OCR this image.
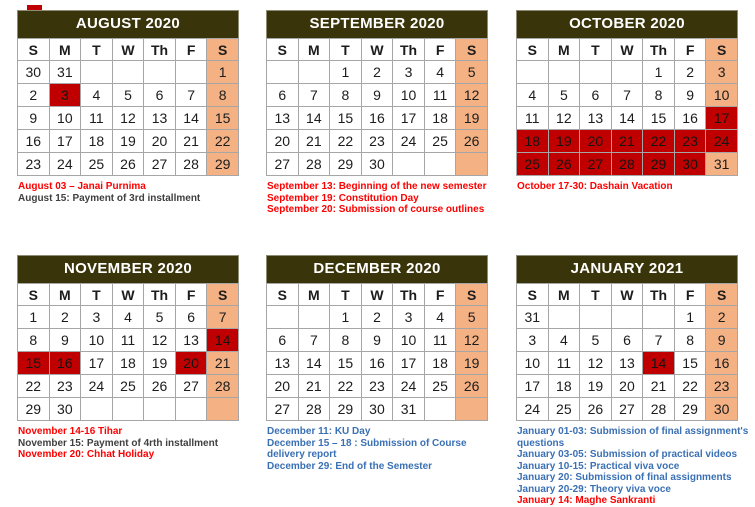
AUGUST 2020
S	M	T	W	Th	F	S
30	31					1
2	3	4	5	6	7	8
9	10	11	12	13	14	15
16	17	18	19	20	21	22
23	24	25	26	27	28	29
August 03 – Janai Purnima
August 15: Payment of 3rd installment
SEPTEMBER 2020
S	M	T	W	Th	F	S
		1	2	3	4	5
6	7	8	9	10	11	12
13	14	15	16	17	18	19
20	21	22	23	24	25	26
27	28	29	30			
September 13: Beginning of the new semester
September 19: Constitution Day
September 20: Submission of course outlines
OCTOBER 2020
S	M	T	W	Th	F	S
				1	2	3
4	5	6	7	8	9	10
11	12	13	14	15	16	17
18	19	20	21	22	23	24
25	26	27	28	29	30	31
October 17-30: Dashain Vacation
NOVEMBER 2020
S	M	T	W	Th	F	S
1	2	3	4	5	6	7
8	9	10	11	12	13	14
15	16	17	18	19	20	21
22	23	24	25	26	27	28
29	30					
November 14-16 Tihar
November 15: Payment of 4rth installment
November 20: Chhat Holiday
DECEMBER 2020
S	M	T	W	Th	F	S
		1	2	3	4	5
6	7	8	9	10	11	12
13	14	15	16	17	18	19
20	21	22	23	24	25	26
27	28	29	30	31		
December 11: KU Day
December 15 – 18 : Submission of Course delivery report
December 29: End of the Semester
JANUARY 2021
S	M	T	W	Th	F	S
31					1	2
3	4	5	6	7	8	9
10	11	12	13	14	15	16
17	18	19	20	21	22	23
24	25	26	27	28	29	30
January 01-03: Submission of final assignment's questions
January 03-05: Submission of practical videos
January 10-15: Practical viva voce
January 20: Submission of final assignments
January 20-29: Theory viva voce
January 14: Maghe Sankranti
